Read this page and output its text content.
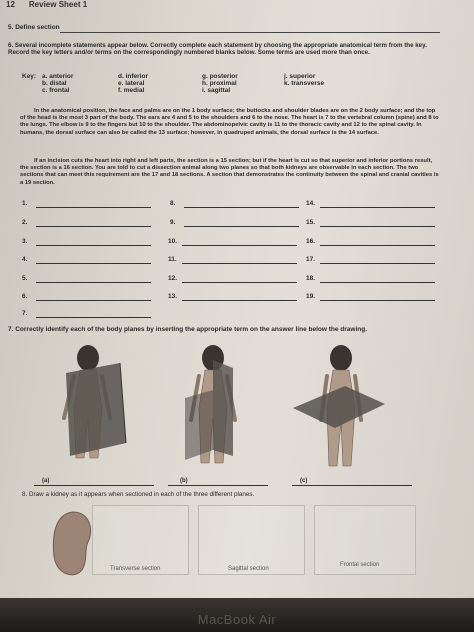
12 Review Sheet 1
5. Define section
6. Several incomplete statements appear below. Correctly complete each statement by choosing the appropriate anatomical term from the key. Record the key letters and/or terms on the correspondingly numbered blanks below. Some terms are used more than once.
Key: a. anterior
b. distal
c. frontal
d. inferior
e. lateral
f. medial
g. posterior
h. proximal
i. sagittal
j. superior
k. transverse
In the anatomical position, the face and palms are on the 1 body surface; the buttocks and shoulder blades are on the 2 body surface; and the top of the head is the most 3 part of the body. The ears are 4 and 5 to the shoulders and 6 to the nose. The heart is 7 to the vertebral column (spine) and 8 to the lungs. The elbow is 9 to the fingers but 10 to the shoulder. The abdominopelvic cavity is 11 to the thoracic cavity and 12 to the spinal cavity. In humans, the dorsal surface can also be called the 13 surface; however, in quadruped animals, the dorsal surface is the 14 surface.
If an incision cuts the heart into right and left parts, the section is a 15 section; but if the heart is cut so that superior and inferior portions result, the section is a 16 section. You are told to cut a dissection animal along two planes so that both kidneys are observable in each section. The two sections that can meet this requirement are the 17 and 18 sections. A section that demonstrates the continuity between the spinal and cranial cavities is a 19 section.
1.
2.
3.
4.
5.
6.
7.
8.
9.
10.
11.
12.
13.
14.
15.
16.
17.
18.
19.
7. Correctly identify each of the body planes by inserting the appropriate term on the answer line below the drawing.
(a)	(b)	(c)
8. Draw a kidney as it appears when sectioned in each of the three different planes.
Transverse section	Sagittal section
Frontal section
MacBook Air
